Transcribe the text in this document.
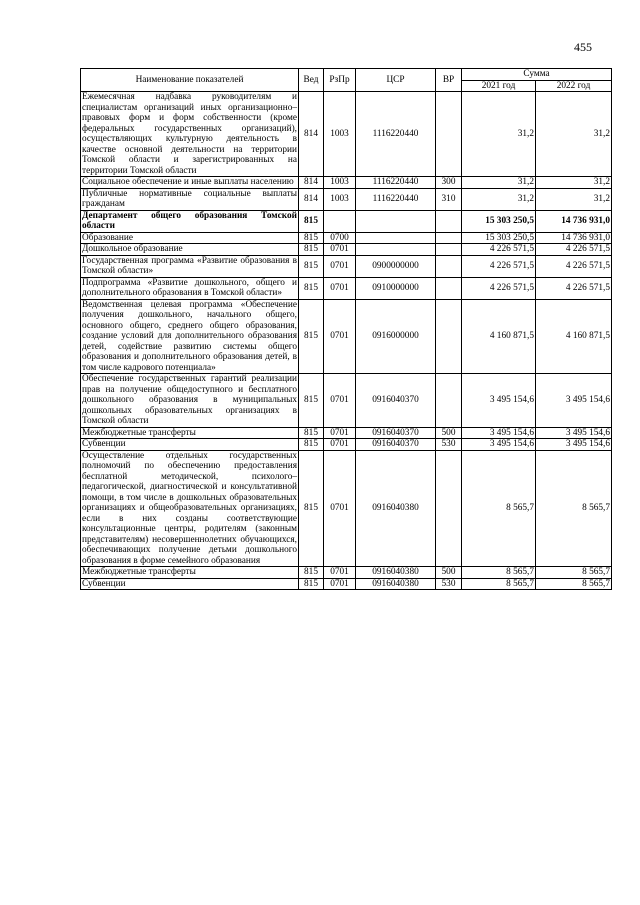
455
Наименование показателей	Вед	РзПр	ЦСР	ВР	Сумма	
					2021 год	2022 год
Ежемесячная надбавка руководителям и специалистам организаций иных организационно–правовых форм и форм собственности (кроме федеральных государственных организаций), осуществляющих культурную деятельность в качестве основной деятельности на территории Томской области и зарегистрированных на территории Томской области	814	1003	1116220440		31,2	31,2
Социальное обеспечение и иные выплаты населению	814	1003	1116220440	300	31,2	31,2
Публичные нормативные социальные выплаты гражданам	814	1003	1116220440	310	31,2	31,2
Департамент общего образования Томской области	815				15 303 250,5	14 736 931,0
Образование	815	0700			15 303 250,5	14 736 931,0
Дошкольное образование	815	0701			4 226 571,5	4 226 571,5
Государственная программа «Развитие образования в Томской области»	815	0701	0900000000		4 226 571,5	4 226 571,5
Подпрограмма «Развитие дошкольного, общего и дополнительного образования в Томской области»	815	0701	0910000000		4 226 571,5	4 226 571,5
Ведомственная целевая программа «Обеспечение получения дошкольного, начального общего, основного общего, среднего общего образования, создание условий для дополнительного образования детей, содействие развитию системы общего образования и дополнительного образования детей, в том числе кадрового потенциала»	815	0701	0916000000		4 160 871,5	4 160 871,5
Обеспечение государственных гарантий реализации прав на получение общедоступного и бесплатного дошкольного образования в муниципальных дошкольных образовательных организациях в Томской области	815	0701	0916040370		3 495 154,6	3 495 154,6
Межбюджетные трансферты	815	0701	0916040370	500	3 495 154,6	3 495 154,6
Субвенции	815	0701	0916040370	530	3 495 154,6	3 495 154,6
Осуществление отдельных государственных полномочий по обеспечению предоставления бесплатной методической, психолого–педагогической, диагностической и консультативной помощи, в том числе в дошкольных образовательных организациях и общеобразовательных организациях, если в них созданы соответствующие консультационные центры, родителям (законным представителям) несовершеннолетних обучающихся, обеспечивающих получение детьми дошкольного образования в форме семейного образования	815	0701	0916040380		8 565,7	8 565,7
Межбюджетные трансферты	815	0701	0916040380	500	8 565,7	8 565,7
Субвенции	815	0701	0916040380	530	8 565,7	8 565,7
